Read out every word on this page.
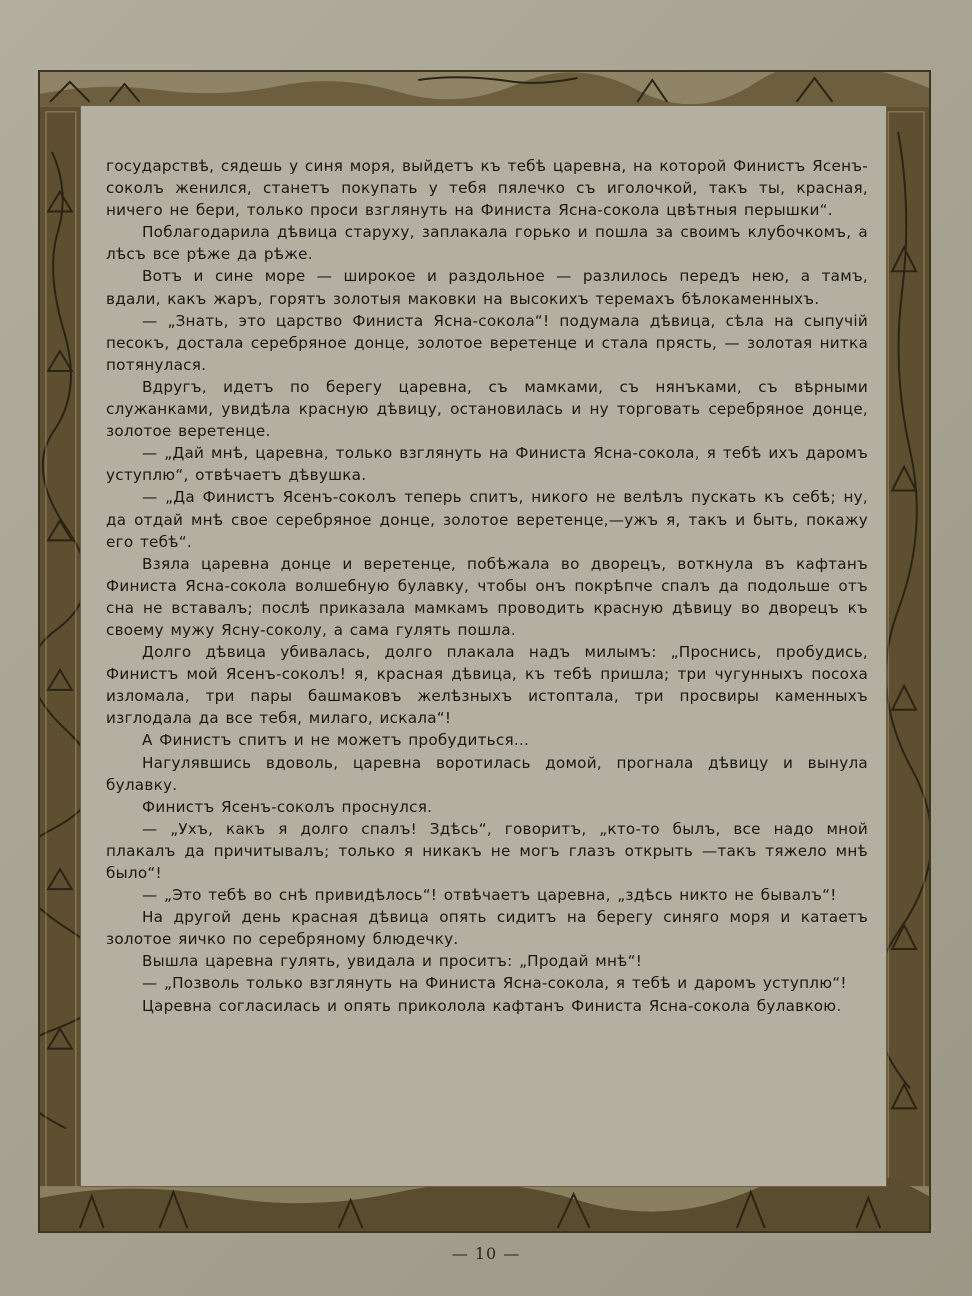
государствѣ, сядешь у синя моря, выйдетъ къ тебѣ царевна, на которой Финистъ Ясенъ-соколъ женился, станетъ покупать у тебя пялечко съ иголочкой, такъ ты, красная, ничего не бери, только проси взглянуть на Финиста Ясна-сокола цвѣтныя перышки“.

Поблагодарила дѣвица старуху, заплакала горько и пошла за своимъ клубочкомъ, а лѣсъ все рѣже да рѣже.

Вотъ и сине море — широкое и раздольное — разлилось передъ нею, а тамъ, вдали, какъ жаръ, горятъ золотыя маковки на высокихъ теремахъ бѣлокаменныхъ.

— „Знать, это царство Финиста Ясна-сокола“! подумала дѣвица, сѣла на сыпучій песокъ, достала серебряное донце, золотое веретенце и стала прясть, — золотая нитка потянулася.

Вдругъ, идетъ по берегу царевна, съ мамками, съ нянъками, съ вѣрными служанками, увидѣла красную дѣвицу, остановилась и ну торговать серебряное донце, золотое веретенце.

— „Дай мнѣ, царевна, только взглянуть на Финиста Ясна-сокола, я тебѣ ихъ даромъ уступлю“, отвѣчаетъ дѣвушка.

— „Да Финистъ Ясенъ-соколъ теперь спитъ, никого не велѣлъ пускать къ себѣ; ну, да отдай мнѣ свое серебряное донце, золотое веретенце,—ужъ я, такъ и быть, покажу его тебѣ“.

Взяла царевна донце и веретенце, побѣжала во дворецъ, воткнула въ кафтанъ Финиста Ясна-сокола волшебную булавку, чтобы онъ покрѣпче спалъ да подольше отъ сна не вставалъ; послѣ приказала мамкамъ проводить красную дѣвицу во дворецъ къ своему мужу Ясну-соколу, а сама гулять пошла.

Долго дѣвица убивалась, долго плакала надъ милымъ: „Проснись, пробудись, Финистъ мой Ясенъ-соколъ! я, красная дѣвица, къ тебѣ пришла; три чугунныхъ посоха изломала, три пары башмаковъ желѣзныхъ истоптала, три просвиры каменныхъ изглодала да все тебя, милаго, искала“!

А Финистъ спитъ и не можетъ пробудиться...

Нагулявшись вдоволь, царевна воротилась домой, прогнала дѣвицу и вынула булавку.

Финистъ Ясенъ-соколъ проснулся.

— „Ухъ, какъ я долго спалъ! Здѣсь“, говоритъ, „кто-то былъ, все надо мной плакалъ да причитывалъ; только я никакъ не могъ глазъ открыть —такъ тяжело мнѣ было“!

— „Это тебѣ во снѣ привидѣлось“! отвѣчаетъ царевна, „здѣсь никто не бывалъ“!

На другой день красная дѣвица опять сидитъ на берегу синяго моря и катаетъ золотое яичко по серебряному блюдечку.

Вышла царевна гулять, увидала и проситъ: „Продай мнѣ“!

— „Позволь только взглянуть на Финиста Ясна-сокола, я тебѣ и даромъ уступлю“!

Царевна согласилась и опять приколола кафтанъ Финиста Ясна-сокола булавкою.

— 10 —
